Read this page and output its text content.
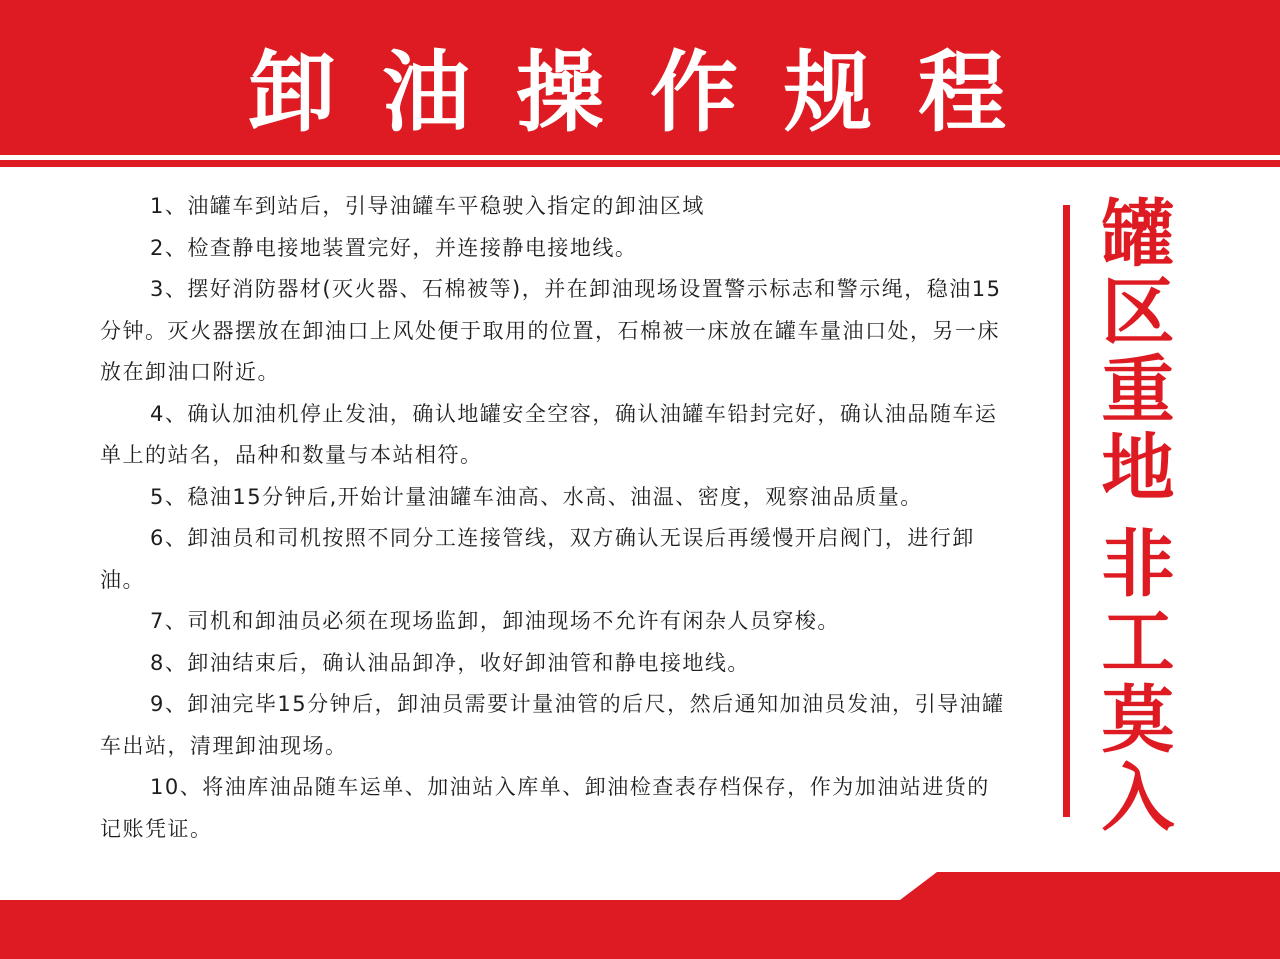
卸油操作规程

1、油罐车到站后，引导油罐车平稳驶入指定的卸油区域

2、检查静电接地装置完好，并连接静电接地线。

3、摆好消防器材(灭火器、石棉被等)，并在卸油现场设置警示标志和警示绳，稳油15分钟。灭火器摆放在卸油口上风处便于取用的位置，石棉被一床放在罐车量油口处，另一床放在卸油口附近。

4、确认加油机停止发油，确认地罐安全空容，确认油罐车铅封完好，确认油品随车运单上的站名，品种和数量与本站相符。

5、稳油15分钟后,开始计量油罐车油高、水高、油温、密度，观察油品质量。

6、卸油员和司机按照不同分工连接管线，双方确认无误后再缓慢开启阀门，进行卸油。

7、司机和卸油员必须在现场监卸，卸油现场不允许有闲杂人员穿梭。

8、卸油结束后，确认油品卸净，收好卸油管和静电接地线。

9、卸油完毕15分钟后，卸油员需要计量油管的后尺，然后通知加油员发油，引导油罐车出站，清理卸油现场。

10、将油库油品随车运单、加油站入库单、卸油检查表存档保存，作为加油站进货的记账凭证。

罐
区
重
地
非
工
莫
入
